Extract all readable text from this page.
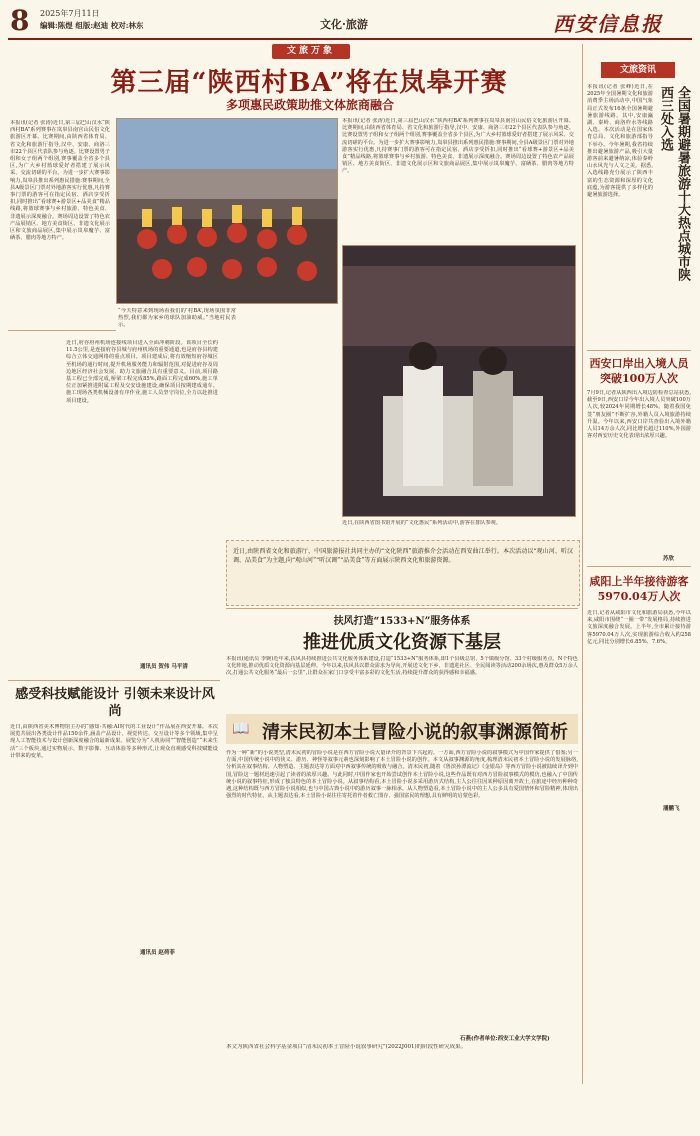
8 2025年7月11日
编辑:陈煜 组版:赵迪 校对:林东	文化·旅游	西安信息报
文旅万象
第三届“陕西村BA”将在岚皋开赛
多项惠民政策助推文体旅商融合
文旅资讯
本报讯(记者 张峰)近日,在2025年全国暑期文化和旅游消费季主场活动中,中国气象局正式发布16条全国暑期避暑旅游线路。其中,安康瀛湖、秦岭、商洛柞水等线路入选。本次活动是在国家体育总局、文化和旅游部指导下举办。今年暑期,我省持续推出避暑旅游产品,吸引大量游客前来避暑纳凉,体验秦岭山水风光与人文之美。据悉,入选线路充分展示了陕西丰富的生态资源和深厚的文化底蕴,为游客提供了多样化的避暑旅游选择。	全国暑期避暑旅游十大热点城市陕西三处入选
西安口岸出入境人员突破100万人次
7月9日,记者从陕西出入境边防检查总站获悉,截至9日,西安口岸今年出入境人员突破100万人次,较2024年同期增长48%。随着我国免签“朋友圈”不断扩容,外籍人员入境旅游持续升温。今年以来,西安口岸共查验出入境外籍人员14万余人次,同比增长超过110%,外国游客对西安历史文化表现出浓厚兴趣。
苏欣
咸阳上半年接待游客5970.04万人次
近日,记者从咸阳市文化和旅游局获悉,今年以来,咸阳市围绕“一圈一带”发展格局,持续推进文旅深度融合发展。上半年,全市累计接待游客5970.04万人次,实现旅游综合收入约258亿元,同比分别增长6.85%、7.6%。
潘鹏飞
本报讯(记者 张涛)近日,第三届巴山汉水“陕西村BA”系列赛事在岚皋县南宫山民俗文化旅游区开幕。比赛期间,由陕西省体育局、省文化和旅游厅指导,汉中、安康、商洛三市22个县区代表队参与角逐。比赛设置男子组和女子组两个组别,赛事覆盖全省多个县区,为广大乡村篮球爱好者搭建了展示风采、交流切磋的平台。为进一步扩大赛事影响力,岚皋县推出系列惠民措施:赛事期间,全县A级景区门票对外地游客实行优惠,凡持赛事门票的游客可在指定民宿、酒店享受折扣,同时推出“看球赛+游景区+品美食”精品线路,将篮球赛事与乡村旅游、特色美食、非遗展示深度融合。赛场周边设置了特色农产品展销区、地方美食街区、非遗文化展示区和文旅商品展区,集中展示岚皋魔芋、富硒茶、腊肉等地方特产。
“今天特意来到现场看我们的‘村BA’,现场氛围非常热烈,我们都为家乡的球队加油助威。”当地村民表示。
本报讯(记者 张涛)近日,第三届巴山汉水“陕西村BA”系列赛事在岚皋县南宫山民俗文化旅游区开幕。比赛期间,由陕西省体育局、省文化和旅游厅指导,汉中、安康、商洛三市22个县区代表队参与角逐。比赛设置男子组和女子组两个组别,赛事覆盖全省多个县区,为广大乡村篮球爱好者搭建了展示风采、交流切磋的平台。为进一步扩大赛事影响力,岚皋县推出系列惠民措施:赛事期间,全县A级景区门票对外地游客实行优惠,凡持赛事门票的游客可在指定民宿、酒店享受折扣,同时推出“看球赛+游景区+品美食”精品线路,将篮球赛事与乡村旅游、特色美食、非遗展示深度融合。赛场周边设置了特色农产品展销区、地方美食街区、非遗文化展示区和文旅商品展区,集中展示岚皋魔芋、富硒茶、腊肉等地方特产。
近日,在陕西省图书馆开展的“文化惠民”系列活动中,游客在排队参观。
近日,府谷府州机场连接线项目进入全面冲刺阶段。该项目全长约11.5公里,是连接府谷县城与府州机场的重要通道,也是府谷县构建综合立体交通网络的重点项目。项目建成后,将有效缩短府谷城区至机场的通行时间,提升机场服务能力和辐射范围,对促进府谷及周边地区经济社会发展、助力文旅融合具有重要意义。目前,项目路基工程已全部完成,桥梁工程完成85%,路面工程完成60%,施工单位正加紧推进附属工程及交安设施建设,确保项目按期建成通车。施工现场各类机械设备有序作业,施工人员坚守岗位,全力以赴推进项目建设。
通讯员 贺伟 马平清
近日,由陕西省文化和旅游厅、中国旅游报社共同主办的“文化陕西”旅游推介会活动在西安曲江举行。本次活动以“观山河、听汉调、品美食”为主题,向“观山河”“听汉调”“品美食”等方面展示陕西文化和旅游资源。
扶风打造“1533+N”服务体系
推进优质文化资源下基层
本报讯(通讯员 李婉)近年来,扶风县持续推进公共文化服务体系建设,打造“1533+N”服务体系,即1个县级总馆、5个镇级分馆、33个村级服务点、N个特色文化阵地,推动优质文化资源向基层延伸。今年以来,扶风县以群众需求为导向,开展送文化下乡、非遗进社区、全民阅读等活动200余场次,惠及群众5万余人次,打通公共文化服务“最后一公里”,让群众在家门口享受丰富多彩的文化生活,持续提升群众的获得感和幸福感。
感受科技赋能设计 引领未来设计风尚
近日,由陕西省美术博物馆主办的“感知·共融:AI时代的工业设计”作品展在西安开幕。本次展览共展出各类设计作品150余件,涵盖产品设计、视觉传达、交互设计等多个领域,集中呈现人工智能技术与设计创新深度融合的最新成果。展览分为“人机协同”“智能创造”“未来生活”三个板块,通过实物展示、数字影像、互动体验等多种形式,让观众直观感受科技赋能设计带来的变革。
通讯员 赵荷菲
📖 清末民初本土冒险小说的叙事渊源简析
作为一种“新”的小说类型,清末民初的冒险小说是在西方冒险小说大量译介的背景下兴起的。一方面,西方冒险小说的叙事模式为中国作家提供了借鉴;另一方面,中国传统小说中的侠义、游历、神怪等叙事元素也深刻影响了本土冒险小说的创作。本文从叙事渊源的角度,梳理清末民初本土冒险小说的发展脉络,分析其在叙事结构、人物塑造、主题表达等方面对中西叙事传统的吸收与融合。清末民初,随着《鲁滨孙漂流记》《金银岛》等西方冒险小说被陆续译介到中国,冒险这一题材迅速引起了读者的浓厚兴趣。与此同时,中国作家也开始尝试创作本土冒险小说,这些作品既有对西方冒险叙事模式的模仿,也融入了中国传统小说的叙事特征,形成了独具特色的本土冒险小说。从叙事结构看,本土冒险小说多采用游历式结构,主人公往往因某种原因离开故土,在旅途中经历种种奇遇,这种结构既与西方冒险小说相似,也与中国古典小说中的游历叙事一脉相承。从人物塑造看,本土冒险小说中的主人公多具有爱国情怀和冒险精神,体现出强烈的时代特征。从主题表达看,本土冒险小说往往寄托着作者救亡图存、强国富民的理想,具有鲜明的启蒙色彩。
石燕(作者单位:西安工业大学文学院)
本文为陕西省社会科学基金项目“清末民初本土冒险小说叙事研究”(2022J001)的阶段性研究成果。
